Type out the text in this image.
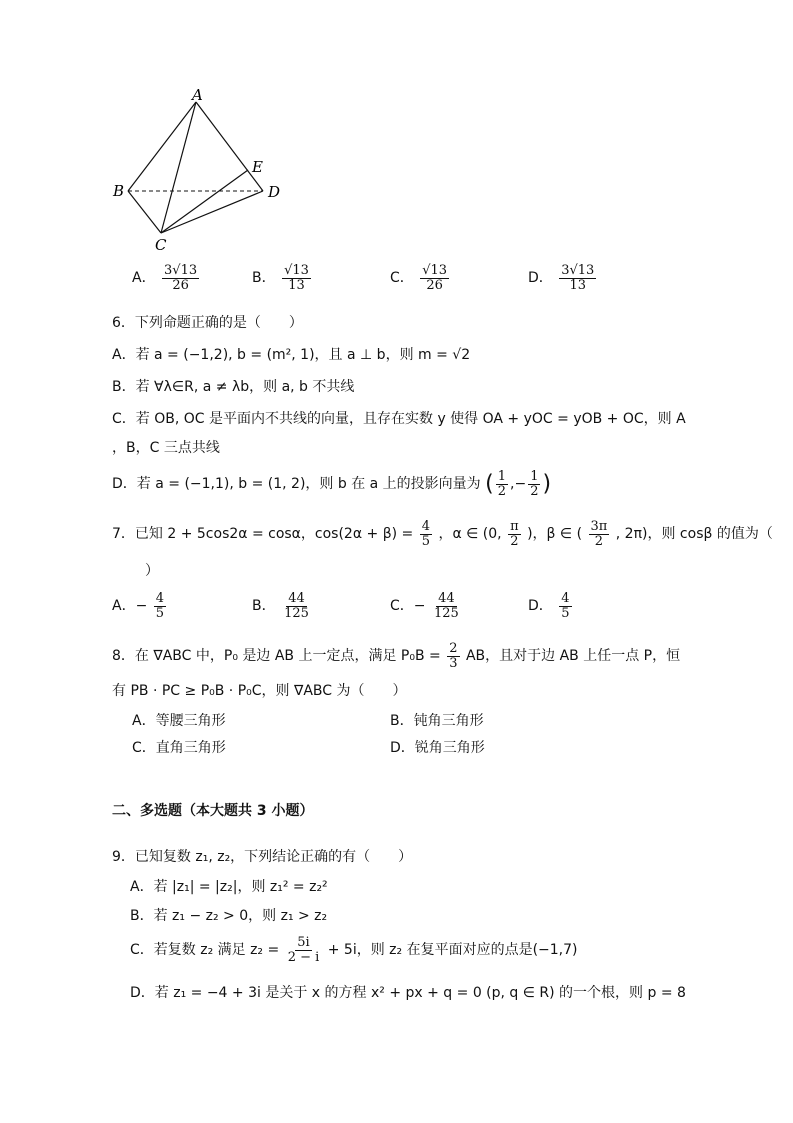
A
B
C
D
E
A． $\frac{3√13}{26}$	B． $\frac{√13}{13}$	C． $\frac{√13}{26}$	D． $\frac{3√13}{13}$
6．下列命题正确的是（　　）
A．若 a = (−1,2), b = (m², 1)，且 a ⊥ b，则 m = √2
B．若 ∀λ∈R, a ≠ λb，则 a, b 不共线
C．若 OB, OC 是平面内不共线的向量，且存在实数 y 使得 OA + yOC = yOB + OC，则 A
，B，C 三点共线
D．若 a = (−1,1), b = (1, 2)，则 b 在 a 上的投影向量为 ( $\frac{1}{2}$ ,− $\frac{1}{2}$ )
7．已知 2 + 5cos2α = cosα，$\cos(2\alpha + \beta) = \frac{4}{5}$ ，α ∈ (0, $\frac{\pi}{2}$ )，β ∈ ( $\frac{3\pi}{2}$ , 2π)，则 cosβ 的值为（
）
A．− $\frac{4}{5}$	B． $\frac{44}{125}$	C．− $\frac{44}{125}$	D． $\frac{4}{5}$
8．在 ∇ABC 中，P₀ 是边 AB 上一定点，满足 $P_0B = \frac{2}{3}$ AB，且对于边 AB 上任一点 P，恒
有 PB · PC ≥ P₀B · P₀C，则 ∇ABC 为（　　）
A．等腰三角形	B．钝角三角形
C．直角三角形	D．锐角三角形
二、多选题（本大题共 3 小题）
9．已知复数 z₁, z₂，下列结论正确的有（　　）
A．若 |z₁| = |z₂|，则 z₁² = z₂²
B．若 z₁ − z₂ > 0，则 z₁ > z₂
C．若复数 z₂ 满足 $z_2 = \frac{5i}{2 - i} + 5i$，则 z₂ 在复平面对应的点是(−1,7)
D．若 z₁ = −4 + 3i 是关于 x 的方程 x² + px + q = 0 (p, q ∈ R) 的一个根，则 p = 8
